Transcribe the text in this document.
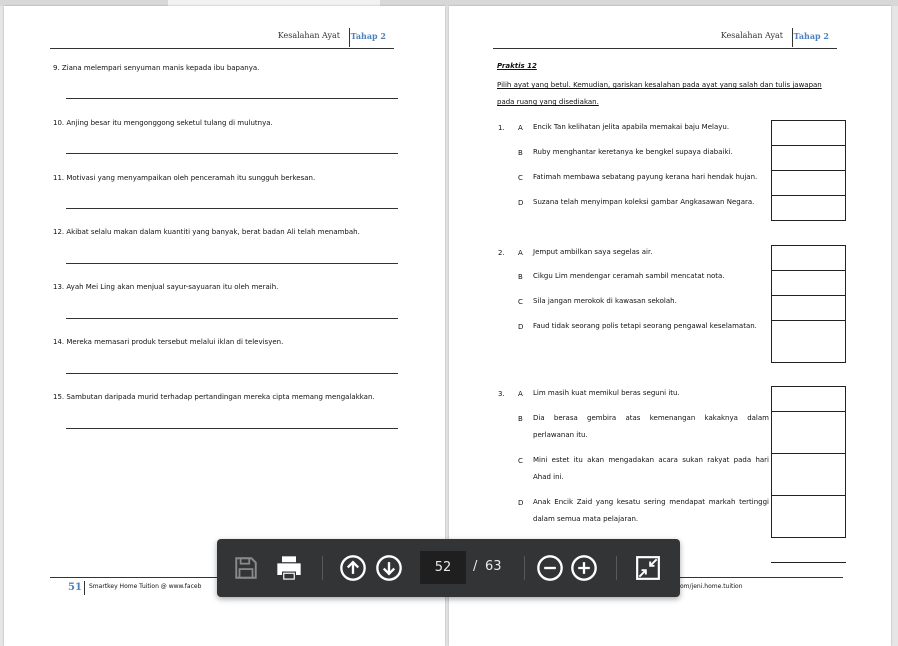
Kesalahan Ayat Tahap 2	Kesalahan Ayat Tahap 2
9. Ziana melempari senyuman manis kepada ibu bapanya.
10. Anjing besar itu mengonggong seketul tulang di mulutnya.
11. Motivasi yang menyampaikan oleh penceramah itu sungguh berkesan.
12. Akibat selalu makan dalam kuantiti yang banyak, berat badan Ali telah menambah.
13. Ayah Mei Ling akan menjual sayur-sayuaran itu oleh meraih.
14. Mereka memasari produk tersebut melalui iklan di televisyen.
15. Sambutan daripada murid terhadap pertandingan mereka cipta memang mengalakkan.
Praktis 12
Pilih ayat yang betul. Kemudian, gariskan kesalahan pada ayat yang salah dan tulis jawapan
pada ruang yang disediakan.
1. A Encik Tan kelihatan jelita apabila memakai baju Melayu.
B Ruby menghantar keretanya ke bengkel supaya diabaiki.
C Fatimah membawa sebatang payung kerana hari hendak hujan.
D Suzana telah menyimpan koleksi gambar Angkasawan Negara.
2. A Jemput ambilkan saya segelas air.
B Cikgu Lim mendengar ceramah sambil mencatat nota.
C Sila jangan merokok di kawasan sekolah.
D Faud tidak seorang polis tetapi seorang pengawal keselamatan.
3. A Lim masih kuat memikul beras seguni itu.
B Dia berasa gembira atas kemenangan kakaknya dalam perlawanan itu.
C Mini estet itu akan mengadakan acara sukan rakyat pada hari Ahad ini.
D Anak Encik Zaid yang kesatu sering mendapat markah tertinggi dalam semua mata pelajaran.
51 Smartkey Home Tuition @ www.faceb	om/jeni.home.tuition
52
/ 63
